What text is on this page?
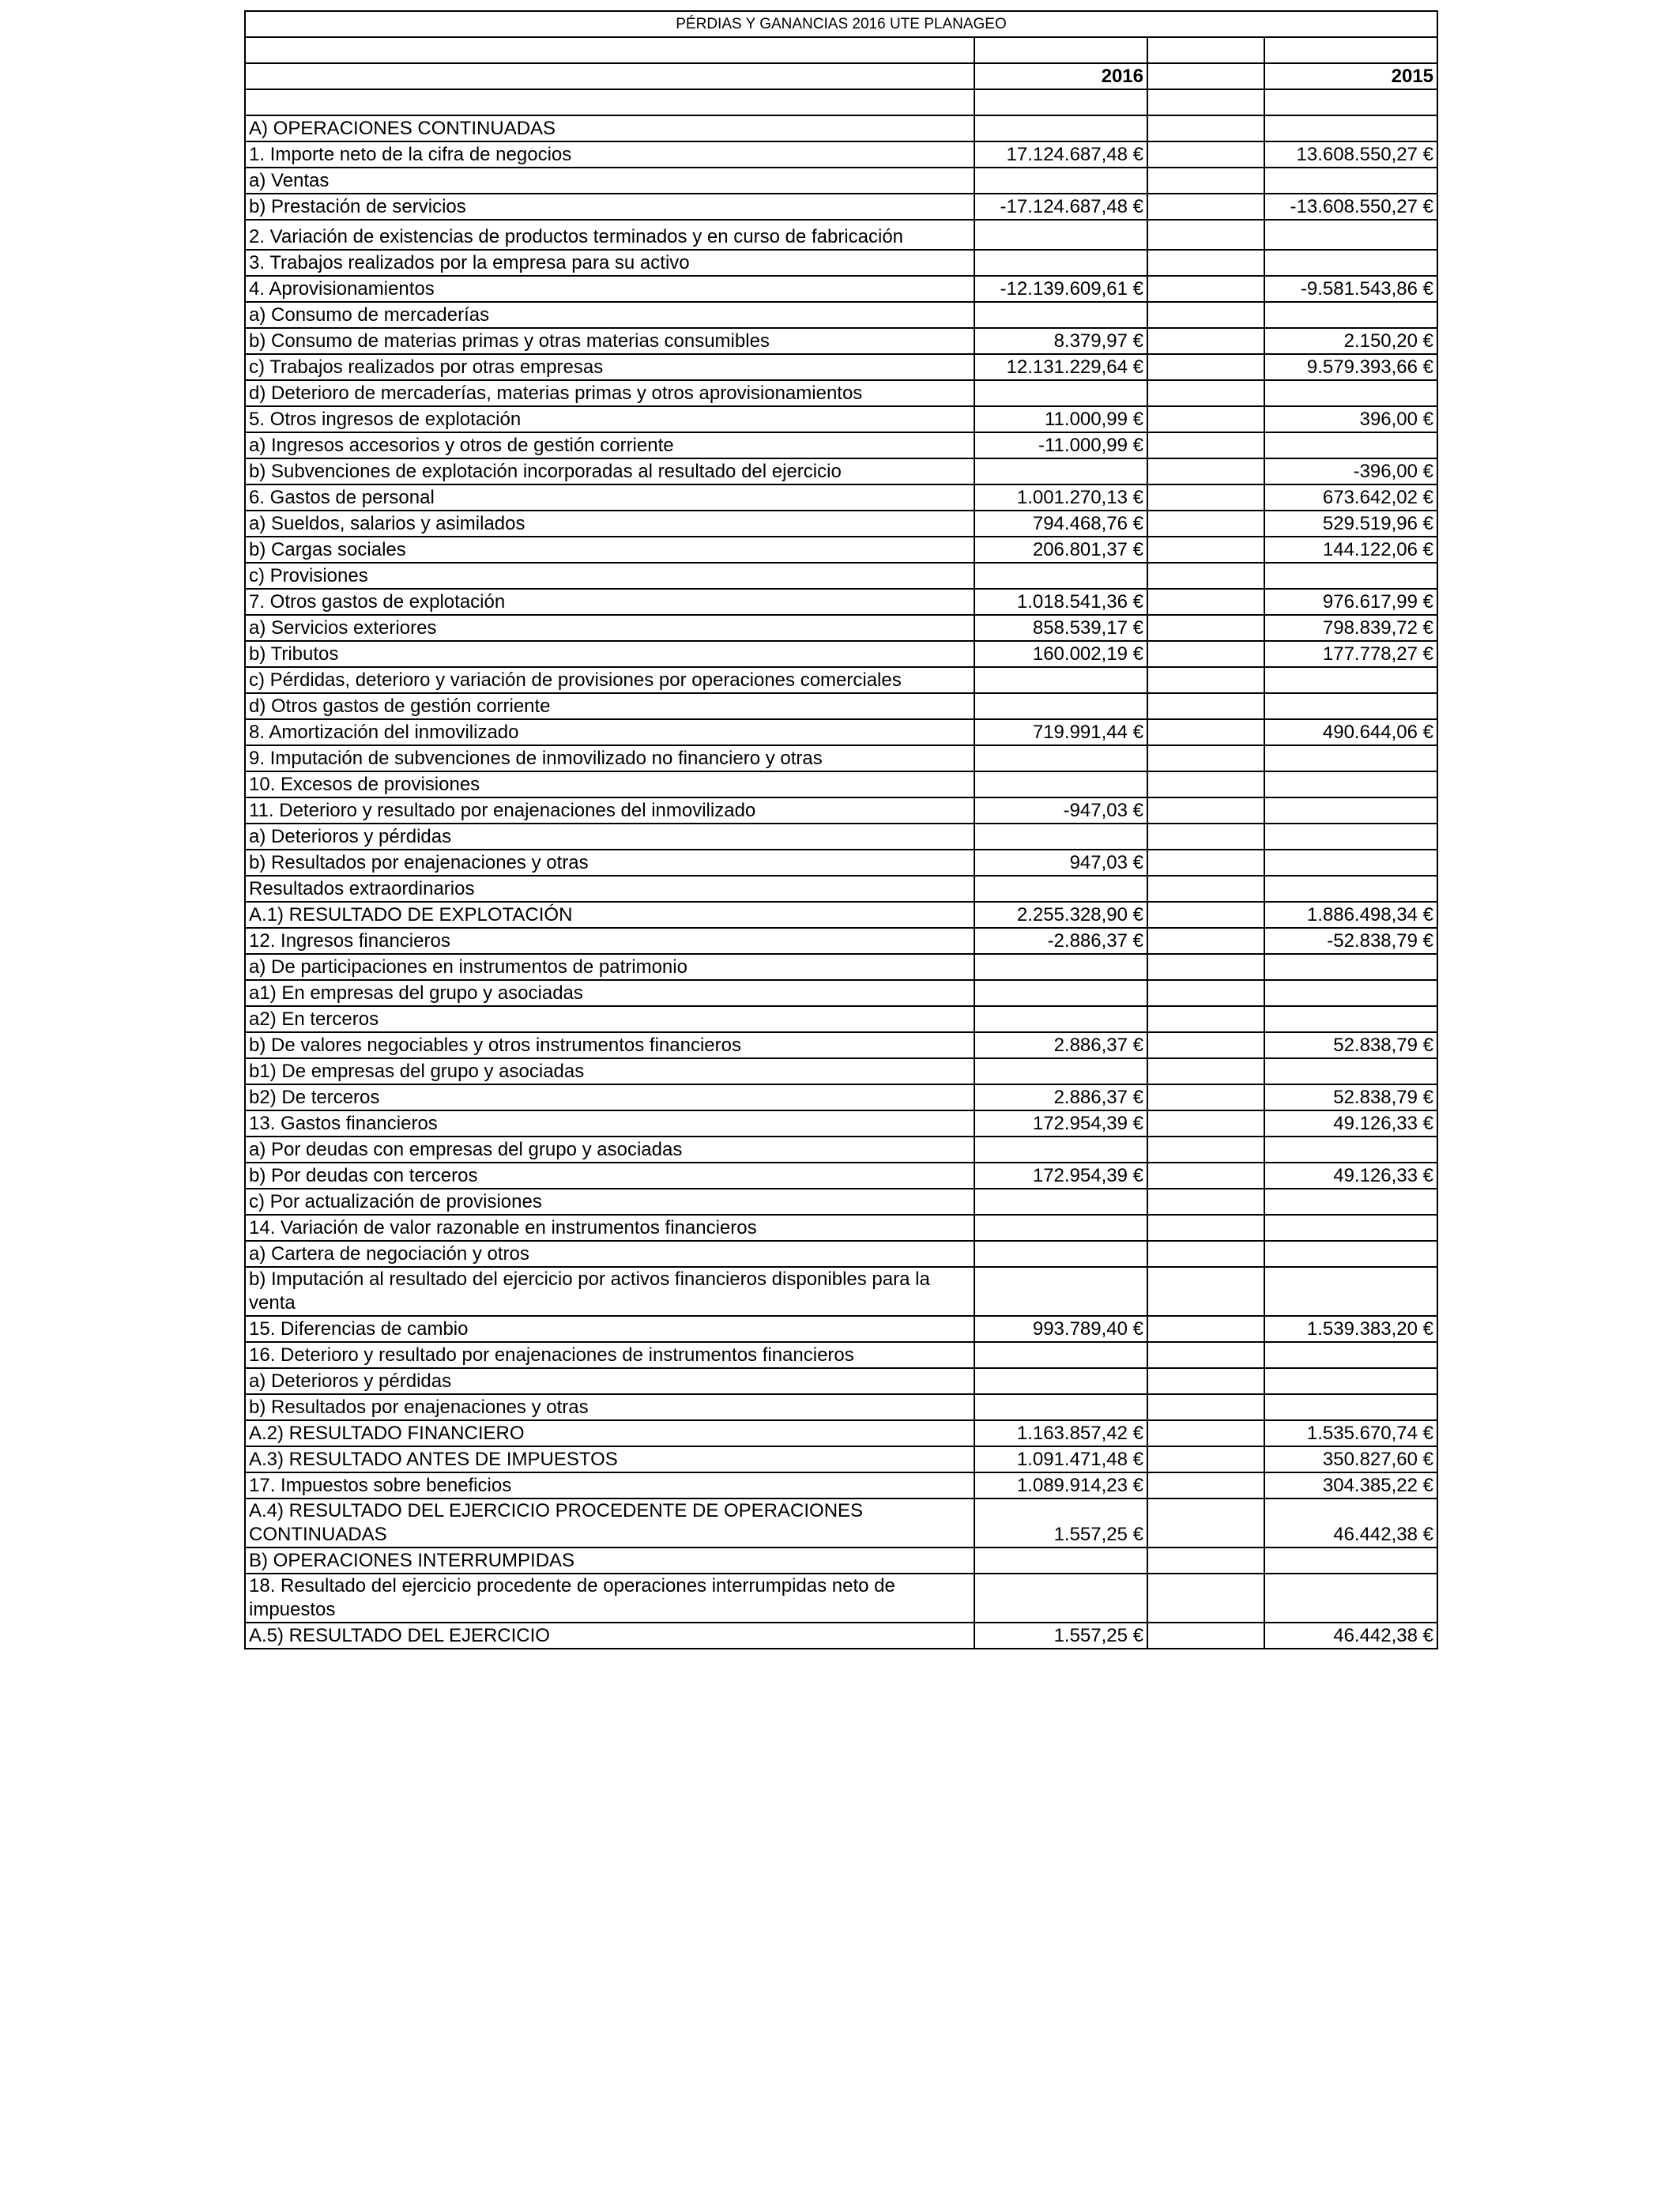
PÉRDIAS Y GANANCIAS 2016 UTE PLANAGEO			

	2016		2015

A) OPERACIONES CONTINUADAS			
1. Importe neto de la cifra de negocios	17.124.687,48 €		13.608.550,27 €
a) Ventas			
b) Prestación de servicios	-17.124.687,48 €		-13.608.550,27 €
2. Variación de existencias de productos terminados y en curso de fabricación			
3. Trabajos realizados por la empresa para su activo			
4. Aprovisionamientos	-12.139.609,61 €		-9.581.543,86 €
a) Consumo de mercaderías			
b) Consumo de materias primas y otras materias consumibles	8.379,97 €		2.150,20 €
c) Trabajos realizados por otras empresas	12.131.229,64 €		9.579.393,66 €
d) Deterioro de mercaderías, materias primas y otros aprovisionamientos			
5. Otros ingresos de explotación	11.000,99 €		396,00 €
a) Ingresos accesorios y otros de gestión corriente	-11.000,99 €		
b) Subvenciones de explotación incorporadas al resultado del ejercicio			-396,00 €
6. Gastos de personal	1.001.270,13 €		673.642,02 €
a) Sueldos, salarios y asimilados	794.468,76 €		529.519,96 €
b) Cargas sociales	206.801,37 €		144.122,06 €
c) Provisiones			
7. Otros gastos de explotación	1.018.541,36 €		976.617,99 €
a) Servicios exteriores	858.539,17 €		798.839,72 €
b) Tributos	160.002,19 €		177.778,27 €
c) Pérdidas, deterioro y variación de provisiones por operaciones comerciales			
d) Otros gastos de gestión corriente			
8. Amortización del inmovilizado	719.991,44 €		490.644,06 €
9. Imputación de subvenciones de inmovilizado no financiero y otras			
10. Excesos de provisiones			
11. Deterioro y resultado por enajenaciones del inmovilizado	-947,03 €		
a) Deterioros y pérdidas			
b) Resultados por enajenaciones y otras	947,03 €		
Resultados extraordinarios			
A.1) RESULTADO DE EXPLOTACIÓN	2.255.328,90 €		1.886.498,34 €
12. Ingresos financieros	-2.886,37 €		-52.838,79 €
a) De participaciones en instrumentos de patrimonio			
a1) En empresas del grupo y asociadas			
a2) En terceros			
b) De valores negociables y otros instrumentos financieros	2.886,37 €		52.838,79 €
b1) De empresas del grupo y asociadas			
b2) De terceros	2.886,37 €		52.838,79 €
13. Gastos financieros	172.954,39 €		49.126,33 €
a) Por deudas con empresas del grupo y asociadas			
b) Por deudas con terceros	172.954,39 €		49.126,33 €
c) Por actualización de provisiones			
14. Variación de valor razonable en instrumentos financieros			
a) Cartera de negociación y otros			
b) Imputación al resultado del ejercicio por activos financieros disponibles para la venta			
15. Diferencias de cambio	993.789,40 €		1.539.383,20 €
16. Deterioro y resultado por enajenaciones de instrumentos financieros			
a) Deterioros y pérdidas			
b) Resultados por enajenaciones y otras			
A.2) RESULTADO FINANCIERO	1.163.857,42 €		1.535.670,74 €
A.3) RESULTADO ANTES DE IMPUESTOS	1.091.471,48 €		350.827,60 €
17. Impuestos sobre beneficios	1.089.914,23 €		304.385,22 €
A.4) RESULTADO DEL EJERCICIO PROCEDENTE DE OPERACIONES CONTINUADAS	1.557,25 €		46.442,38 €
B) OPERACIONES INTERRUMPIDAS			
18. Resultado del ejercicio procedente de operaciones interrumpidas neto de impuestos			
A.5) RESULTADO DEL EJERCICIO	1.557,25 €		46.442,38 €
